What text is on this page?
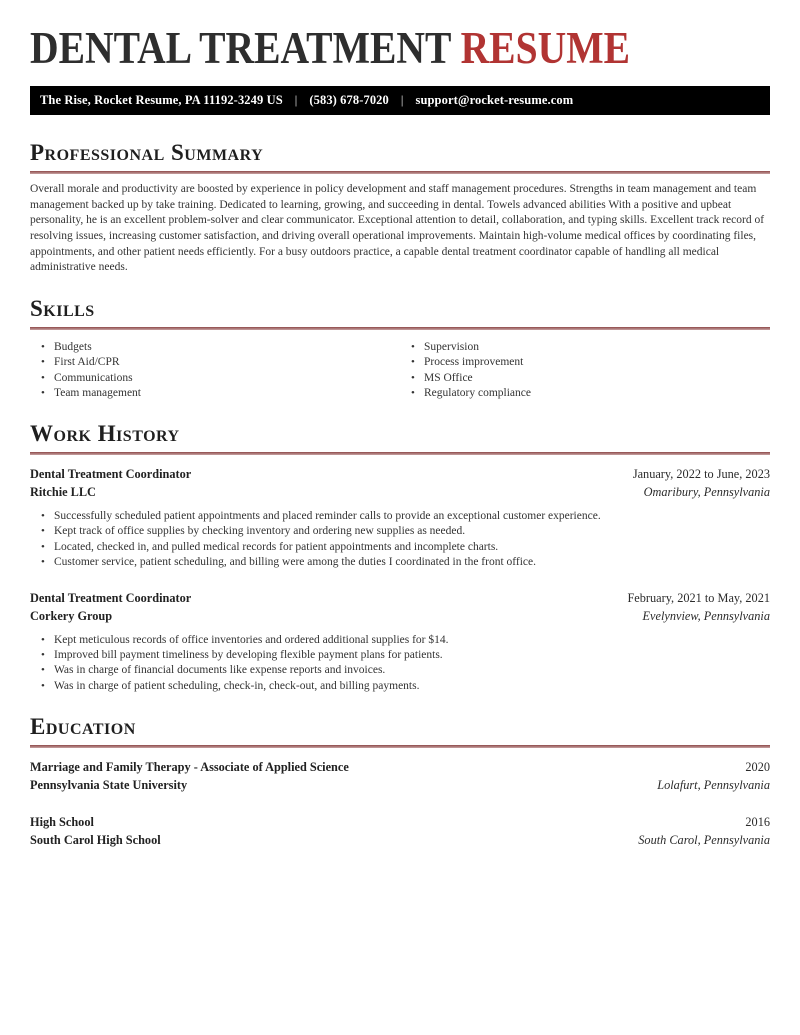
DENTAL TREATMENT RESUME
The Rise, Rocket Resume, PA 11192-3249 US | (583) 678-7020 | support@rocket-resume.com
Professional Summary

Overall morale and productivity are boosted by experience in policy development and staff management procedures. Strengths in team management and team management backed up by take training. Dedicated to learning, growing, and succeeding in dental. Towels advanced abilities With a positive and upbeat personality, he is an excellent problem-solver and clear communicator. Exceptional attention to detail, collaboration, and typing skills. Excellent track record of resolving issues, increasing customer satisfaction, and driving overall operational improvements. Maintain high-volume medical offices by coordinating files, appointments, and other patient needs efficiently. For a busy outdoors practice, a capable dental treatment coordinator capable of handling all medical administrative needs.

Skills
• Budgets
• First Aid/CPR
• Communications
• Team management
• Supervision
• Process improvement
• MS Office
• Regulatory compliance
Work History
Dental Treatment Coordinator	January, 2022 to June, 2023
Ritchie LLC	Omaribury, Pennsylvania
• Successfully scheduled patient appointments and placed reminder calls to provide an exceptional customer experience.
• Kept track of office supplies by checking inventory and ordering new supplies as needed.
• Located, checked in, and pulled medical records for patient appointments and incomplete charts.
• Customer service, patient scheduling, and billing were among the duties I coordinated in the front office.
Dental Treatment Coordinator	February, 2021 to May, 2021
Corkery Group	Evelynview, Pennsylvania
• Kept meticulous records of office inventories and ordered additional supplies for $14.
• Improved bill payment timeliness by developing flexible payment plans for patients.
• Was in charge of financial documents like expense reports and invoices.
• Was in charge of patient scheduling, check-in, check-out, and billing payments.
Education
Marriage and Family Therapy - Associate of Applied Science	2020
Pennsylvania State University	Lolafurt, Pennsylvania
High School	2016
South Carol High School	South Carol, Pennsylvania
